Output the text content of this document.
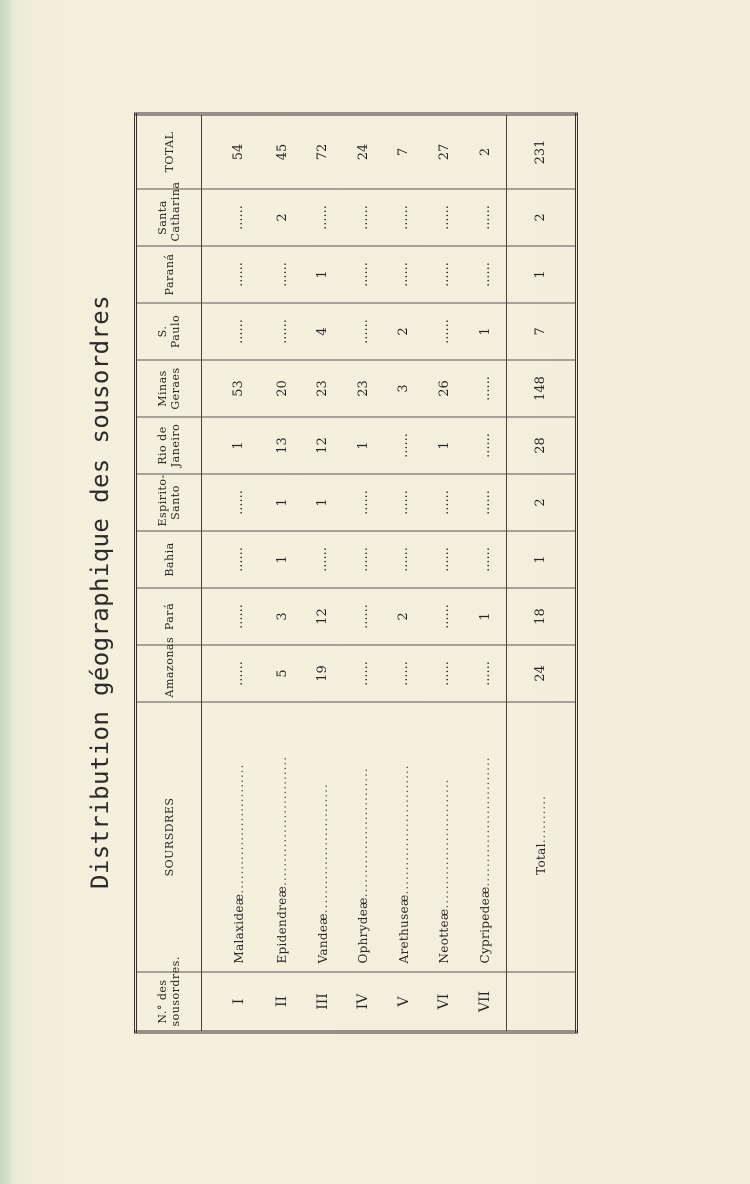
Distribution géographique des sousordres
N.° des sousordres.	SOURSDRES	Amazonas	Pará	Bahia	Espirito-Santo	Rio de Janeiro	Minas Geraes	S. Paulo	Paraná	Santa Catharina	TOTAL
I	Malaxideæ...........................	......	......	......	......	1	53	......	......	......	54
II	Epidendreæ...........................	5	3	1	1	13	20	......	......	2	45
III	Vandeæ...........................	19	12	......	1	12	23	4	1	......	72
IV	Ophrydeæ...........................	......	......	......	......	1	23	......	......	......	24
V	Arethuseæ...........................	......	2	......	......	......	3	2	......	......	7
VI	Neotteæ...........................	......	......	......	......	1	26	......	......	......	27
VII	Cypripedeæ...........................	......	1	......	......	......	......	1	......	......	2
	Total..........	24	18	1	2	28	148	7	1	2	231
